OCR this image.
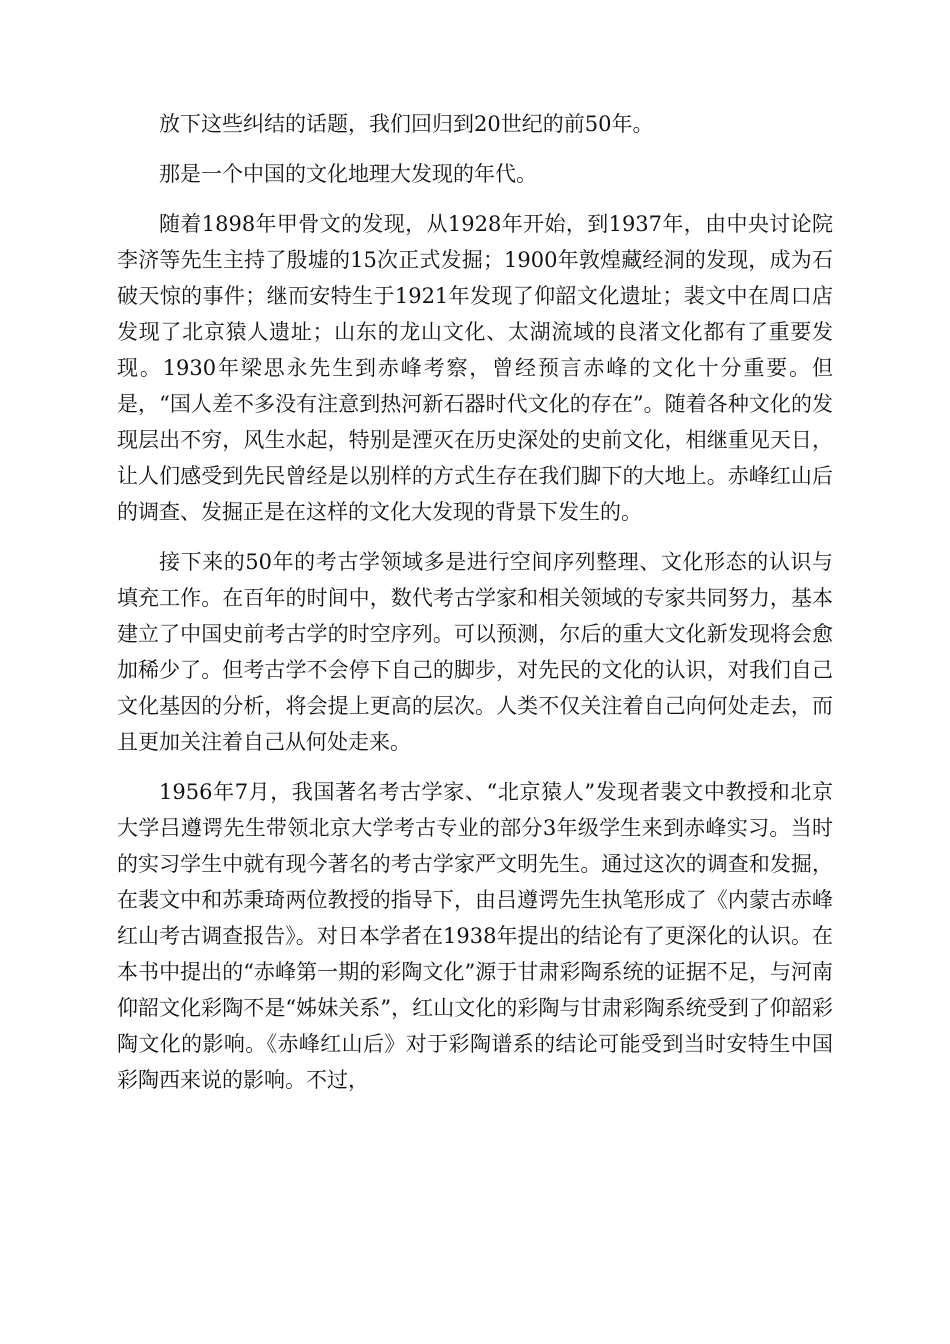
放下这些纠结的话题，我们回归到20世纪的前50年。

那是一个中国的文化地理大发现的年代。

随着1898年甲骨文的发现，从1928年开始，到1937年，由中央讨论院李济等先生主持了殷墟的15次正式发掘；1900年敦煌藏经洞的发现，成为石破天惊的事件；继而安特生于1921年发现了仰韶文化遗址；裴文中在周口店发现了北京猿人遗址；山东的龙山文化、太湖流域的良渚文化都有了重要发现。1930年梁思永先生到赤峰考察，曾经预言赤峰的文化十分重要。但是，“国人差不多没有注意到热河新石器时代文化的存在”。随着各种文化的发现层出不穷，风生水起，特别是湮灭在历史深处的史前文化，相继重见天日，让人们感受到先民曾经是以别样的方式生存在我们脚下的大地上。赤峰红山后的调查、发掘正是在这样的文化大发现的背景下发生的。

接下来的50年的考古学领域多是进行空间序列整理、文化形态的认识与填充工作。在百年的时间中，数代考古学家和相关领域的专家共同努力，基本建立了中国史前考古学的时空序列。可以预测，尔后的重大文化新发现将会愈加稀少了。但考古学不会停下自己的脚步，对先民的文化的认识，对我们自己文化基因的分析，将会提上更高的层次。人类不仅关注着自己向何处走去，而且更加关注着自己从何处走来。

1956年7月，我国著名考古学家、“北京猿人”发现者裴文中教授和北京大学吕遵谔先生带领北京大学考古专业的部分3年级学生来到赤峰实习。当时的实习学生中就有现今著名的考古学家严文明先生。通过这次的调查和发掘，在裴文中和苏秉琦两位教授的指导下，由吕遵谔先生执笔形成了《内蒙古赤峰红山考古调查报告》。对日本学者在1938年提出的结论有了更深化的认识。在本书中提出的“赤峰第一期的彩陶文化”源于甘肃彩陶系统的证据不足，与河南仰韶文化彩陶不是“姊妹关系”，红山文化的彩陶与甘肃彩陶系统受到了仰韶彩陶文化的影响。《赤峰红山后》对于彩陶谱系的结论可能受到当时安特生中国彩陶西来说的影响。不过，
